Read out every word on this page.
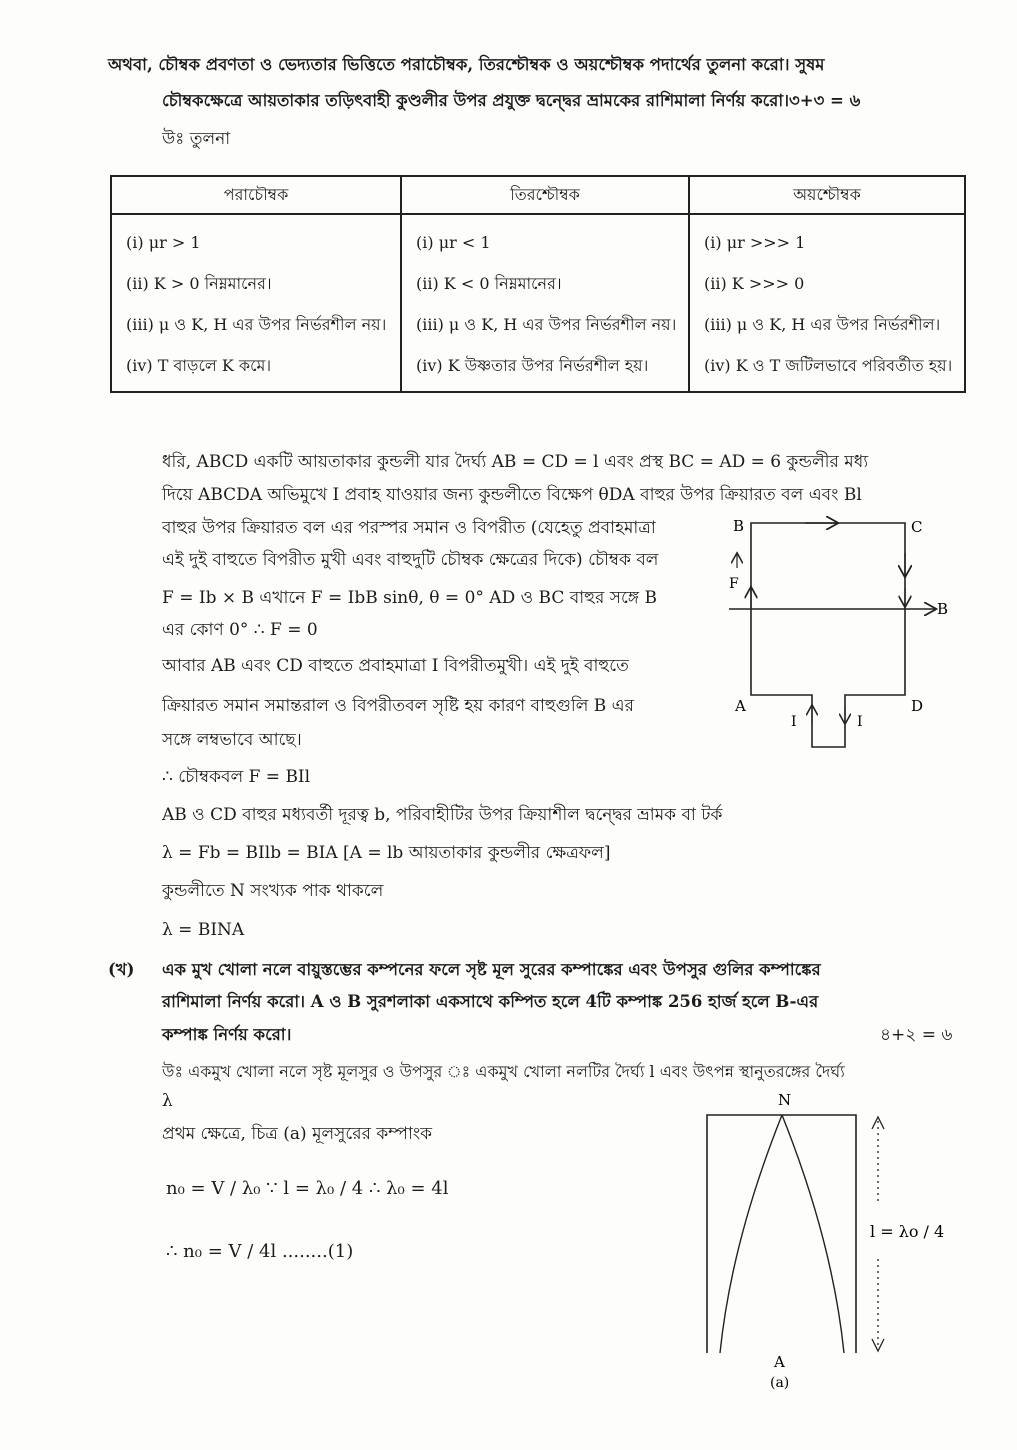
অথবা, চৌম্বক প্রবণতা ও ভেদ্যতার ভিত্তিতে পরাচৌম্বক, তিরশ্চৌম্বক ও অয়শ্চৌম্বক পদার্থের তুলনা করো। সুষম
চৌম্বকক্ষেত্রে আয়তাকার তড়িৎবাহী কুণ্ডলীর উপর প্রযুক্ত দ্বন্দ্বের ভ্রামকের রাশিমালা নির্ণয় করো।৩+৩ = ৬
উঃ তুলনা
পরাচৌম্বক	তিরশ্চৌম্বক	অয়শ্চৌম্বক

(i) μr > 1	(i) μr < 1	(i) μr >>> 1

(ii) K > 0 নিম্নমানের।	(ii) K < 0 নিম্নমানের।	(ii) K >>> 0

(iii) μ ও K, H এর উপর নির্ভরশীল নয়।	(iii) μ ও K, H এর উপর নির্ভরশীল নয়।	(iii) μ ও K, H এর উপর নির্ভরশীল।

(iv) T বাড়লে K কমে।	(iv) K উষ্ণতার উপর নির্ভরশীল হয়।	(iv) K ও T জটিলভাবে পরিবর্তীত হয়।
ধরি, ABCD একটি আয়তাকার কুন্ডলী যার দৈর্ঘ্য AB = CD = l এবং প্রস্থ BC = AD = 6 কুন্ডলীর মধ্য
দিয়ে ABCDA অভিমুখে I প্রবাহ যাওয়ার জন্য কুন্ডলীতে বিক্ষেপ θDA বাহুর উপর ক্রিয়ারত বল এবং Bl
বাহুর উপর ক্রিয়ারত বল এর পরস্পর সমান ও বিপরীত (যেহেতু প্রবাহমাত্রা
এই দুই বাহুতে বিপরীত মুখী এবং বাহুদুটি চৌম্বক ক্ষেত্রের দিকে) চৌম্বক বল
F = Ib × B এখানে F = IbB sinθ, θ = 0° AD ও BC বাহুর সঙ্গে B
এর কোণ 0° ∴ F = 0
আবার AB এবং CD বাহুতে প্রবাহমাত্রা I বিপরীতমুখী। এই দুই বাহুতে
ক্রিয়ারত সমান সমান্তরাল ও বিপরীতবল সৃষ্টি হয় কারণ বাহুগুলি B এর
সঙ্গে লম্বভাবে আছে।
∴ চৌম্বকবল F = BIl
AB ও CD বাহুর মধ্যবর্তী দূরত্ব b, পরিবাহীটির উপর ক্রিয়াশীল দ্বন্দ্বের ভ্রামক বা টর্ক
λ = Fb = BIlb = BIA [A = lb আয়তাকার কুন্ডলীর ক্ষেত্রফল]
কুন্ডলীতে N সংখ্যক পাক থাকলে
λ = BINA
B	C
A	D
F
B
I	I
(খ) এক মুখ খোলা নলে বায়ুস্তম্ভের কম্পনের ফলে সৃষ্ট মূল সুরের কম্পাঙ্কের এবং উপসুর গুলির কম্পাঙ্কের
রাশিমালা নির্ণয় করো। A ও B সুরশলাকা একসাথে কম্পিত হলে 4টি কম্পাঙ্ক 256 হার্জ হলে B-এর
কম্পাঙ্ক নির্ণয় করো।	৪+২ = ৬
উঃ একমুখ খোলা নলে সৃষ্ট মূলসুর ও উপসুর ঃ একমুখ খোলা নলটির দৈর্ঘ্য l এবং উৎপন্ন স্থানুতরঙ্গের দৈর্ঘ্য
λ
প্রথম ক্ষেত্রে, চিত্র (a) মূলসুরের কম্পাংক
n₀ = V / λ₀ ∵ l = λ₀ / 4 ∴ λ₀ = 4l
∴ n₀ = V / 4l ........(1)
N
A
(a)
l = λo / 4
